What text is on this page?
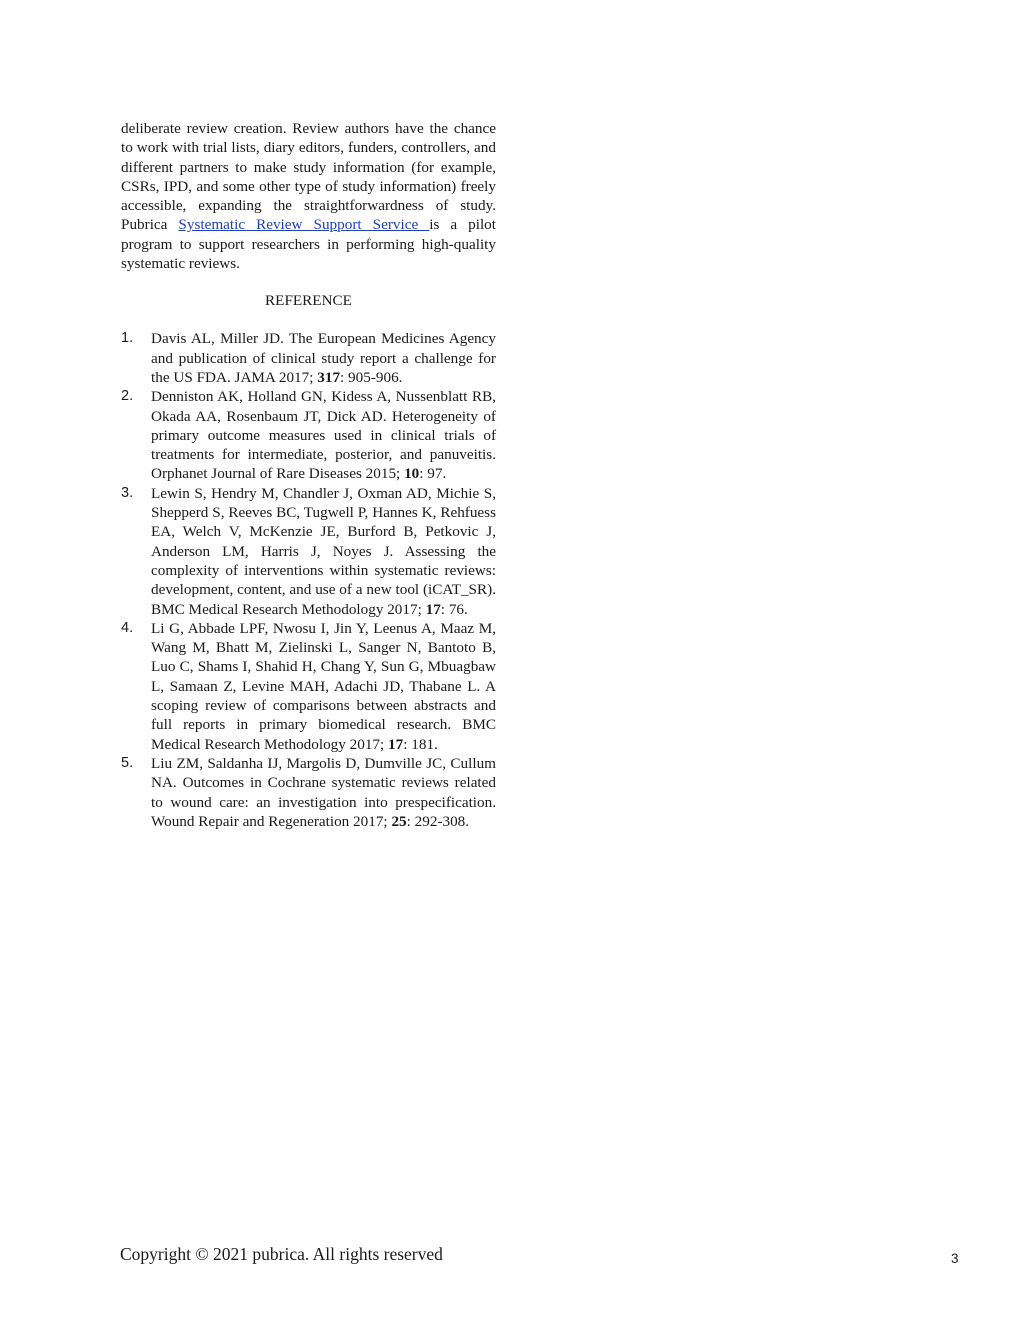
deliberate review creation. Review authors have the chance to work with trial lists, diary editors, funders, controllers, and different partners to make study information (for example, CSRs, IPD, and some other type of study information) freely accessible, expanding the straightforwardness of study. Pubrica Systematic Review Support Service is a pilot program to support researchers in performing high-quality systematic reviews.

REFERENCE
1. Davis AL, Miller JD. The European Medicines Agency and publication of clinical study report a challenge for the US FDA. JAMA 2017; 317: 905-906.
2. Denniston AK, Holland GN, Kidess A, Nussenblatt RB, Okada AA, Rosenbaum JT, Dick AD. Heterogeneity of primary outcome measures used in clinical trials of treatments for intermediate, posterior, and panuveitis. Orphanet Journal of Rare Diseases 2015; 10: 97.
3. Lewin S, Hendry M, Chandler J, Oxman AD, Michie S, Shepperd S, Reeves BC, Tugwell P, Hannes K, Rehfuess EA, Welch V, McKenzie JE, Burford B, Petkovic J, Anderson LM, Harris J, Noyes J. Assessing the complexity of interventions within systematic reviews: development, content, and use of a new tool (iCAT_SR). BMC Medical Research Methodology 2017; 17: 76.
4. Li G, Abbade LPF, Nwosu I, Jin Y, Leenus A, Maaz M, Wang M, Bhatt M, Zielinski L, Sanger N, Bantoto B, Luo C, Shams I, Shahid H, Chang Y, Sun G, Mbuagbaw L, Samaan Z, Levine MAH, Adachi JD, Thabane L. A scoping review of comparisons between abstracts and full reports in primary biomedical research. BMC Medical Research Methodology 2017; 17: 181.
5. Liu ZM, Saldanha IJ, Margolis D, Dumville JC, Cullum NA. Outcomes in Cochrane systematic reviews related to wound care: an investigation into prespecification. Wound Repair and Regeneration 2017; 25: 292-308.
Copyright © 2021 pubrica. All rights reserved	3
